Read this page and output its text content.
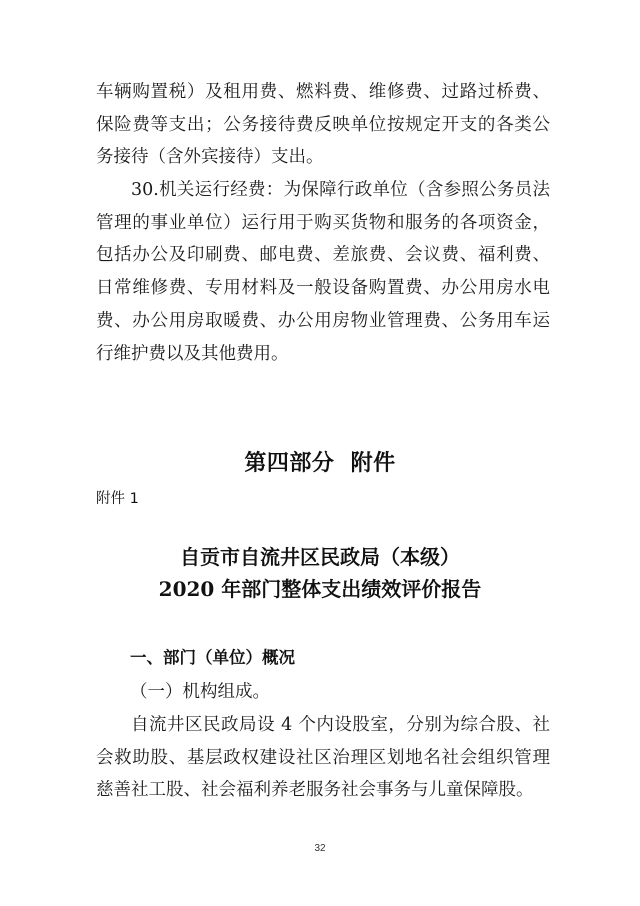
车辆购置税）及租用费、燃料费、维修费、过路过桥费、保险费等支出；公务接待费反映单位按规定开支的各类公务接待（含外宾接待）支出。

30.机关运行经费：为保障行政单位（含参照公务员法管理的事业单位）运行用于购买货物和服务的各项资金，包括办公及印刷费、邮电费、差旅费、会议费、福利费、日常维修费、专用材料及一般设备购置费、办公用房水电费、办公用房取暖费、办公用房物业管理费、公务用车运行维护费以及其他费用。

第四部分  附件

附件 1

自贡市自流井区民政局（本级）
2020 年部门整体支出绩效评价报告
一、部门（单位）概况

（一）机构组成。

自流井区民政局设 4 个内设股室，分别为综合股、社会救助股、基层政权建设社区治理区划地名社会组织管理慈善社工股、社会福利养老服务社会事务与儿童保障股。

32
